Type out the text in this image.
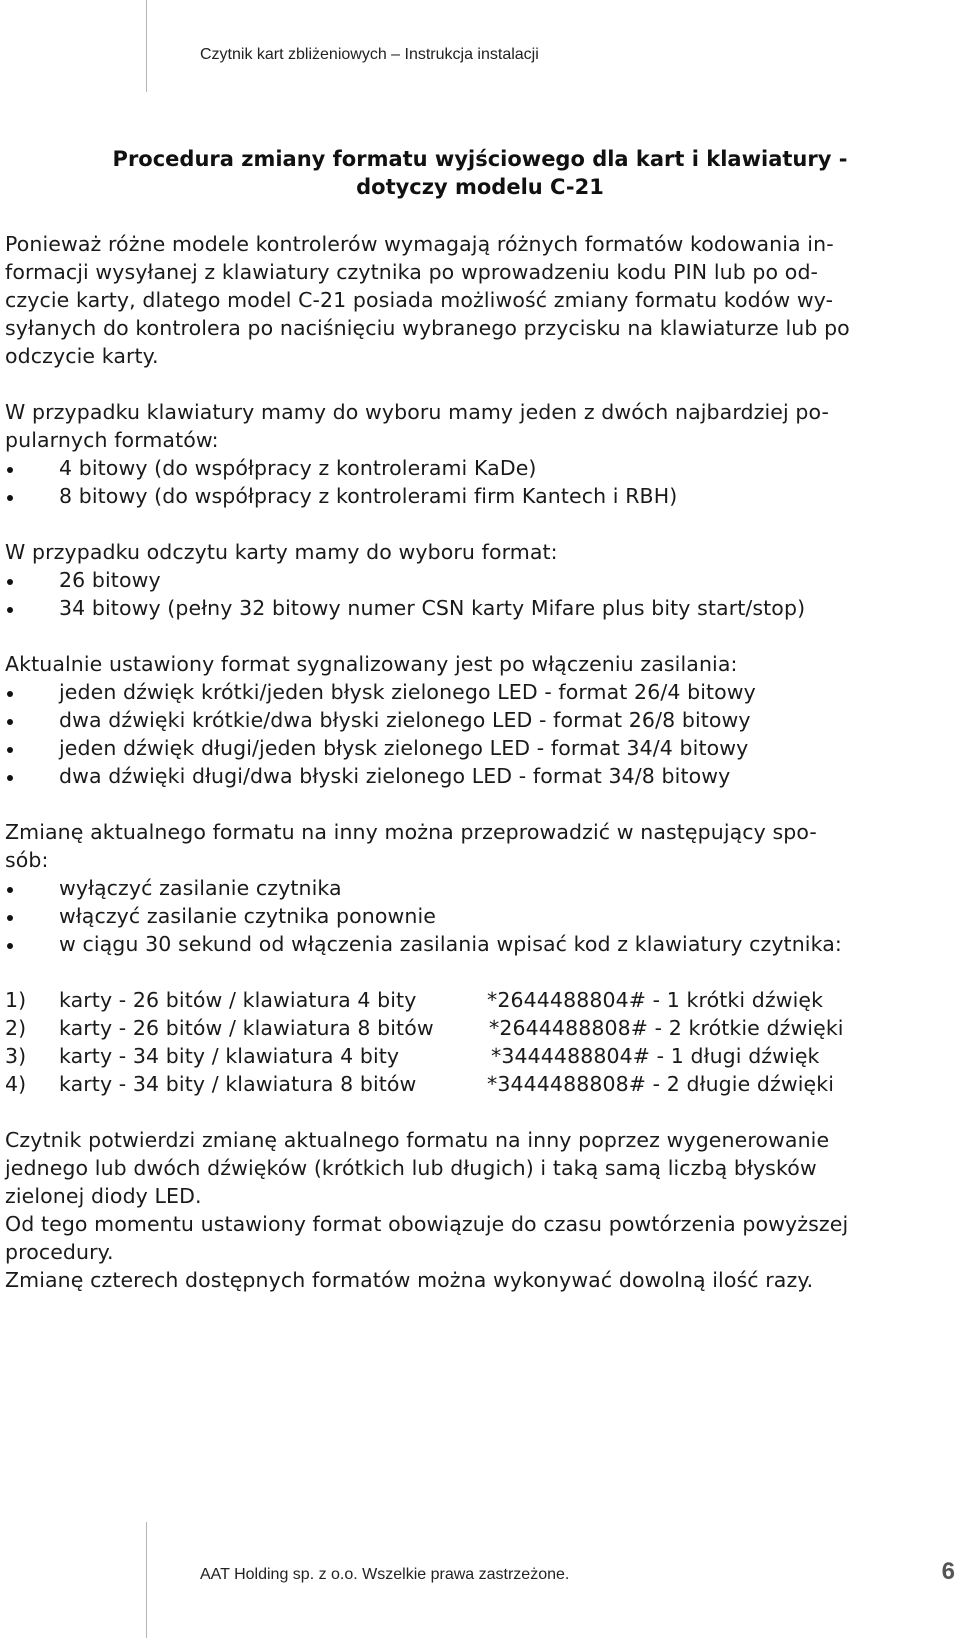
Czytnik kart zbliżeniowych – Instrukcja instalacji
Procedura zmiany formatu wyjściowego dla kart i klawiatury -
dotyczy modelu C-21
Ponieważ różne modele kontrolerów wymagają różnych formatów kodowania in-
formacji wysyłanej z klawiatury czytnika po wprowadzeniu kodu PIN lub po od-
czycie karty, dlatego model C-21 posiada możliwość zmiany formatu kodów wy-
syłanych do kontrolera po naciśnięciu wybranego przycisku na klawiaturze lub po
odczycie karty.
W przypadku klawiatury mamy do wyboru mamy jeden z dwóch najbardziej po-
pularnych formatów:
4 bitowy (do współpracy z kontrolerami KaDe)
8 bitowy (do współpracy z kontrolerami firm Kantech i RBH)
W przypadku odczytu karty mamy do wyboru format:
26 bitowy
34 bitowy (pełny 32 bitowy numer CSN karty Mifare plus bity start/stop)
Aktualnie ustawiony format sygnalizowany jest po włączeniu zasilania:
jeden dźwięk krótki/jeden błysk zielonego LED - format 26/4 bitowy
dwa dźwięki krótkie/dwa błyski zielonego LED - format 26/8 bitowy
jeden dźwięk długi/jeden błysk zielonego LED - format 34/4 bitowy
dwa dźwięki długi/dwa błyski zielonego LED - format 34/8 bitowy
Zmianę aktualnego formatu na inny można przeprowadzić w następujący spo-
sób:
wyłączyć zasilanie czytnika
włączyć zasilanie czytnika ponownie
w ciągu 30 sekund od włączenia zasilania wpisać kod z klawiatury czytnika:
1) karty - 26 bitów / klawiatura 4 bity	*2644488804# - 1 krótki dźwięk
2) karty - 26 bitów / klawiatura 8 bitów	*2644488808# - 2 krótkie dźwięki
3) karty - 34 bity / klawiatura 4 bity	*3444488804# - 1 długi dźwięk
4) karty - 34 bity / klawiatura 8 bitów	*3444488808# - 2 długie dźwięki
Czytnik potwierdzi zmianę aktualnego formatu na inny poprzez wygenerowanie
jednego lub dwóch dźwięków (krótkich lub długich) i taką samą liczbą błysków
zielonej diody LED.
Od tego momentu ustawiony format obowiązuje do czasu powtórzenia powyższej
procedury.
Zmianę czterech dostępnych formatów można wykonywać dowolną ilość razy.
AAT Holding sp. z o.o. Wszelkie prawa zastrzeżone.	6
